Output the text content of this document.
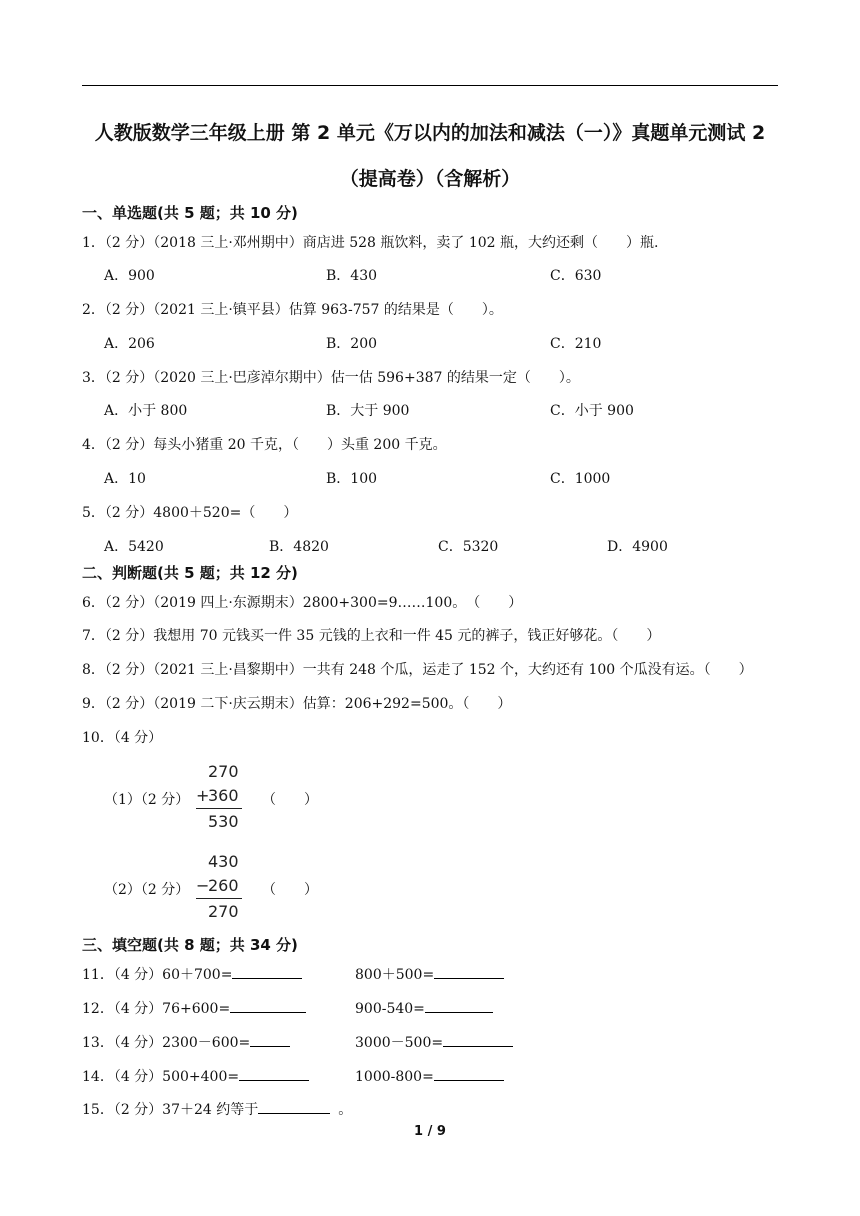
人教版数学三年级上册 第 2 单元《万以内的加法和减法（一）》真题单元测试 2
（提高卷）（含解析）
一、单选题(共 5 题；共 10 分)
1．（2 分）（2018 三上·邓州期中）商店进 528 瓶饮料，卖了 102 瓶，大约还剩（　　）瓶.
A．900	B．430	C．630
2．（2 分）（2021 三上·镇平县）估算 963-757 的结果是（　　）。
A．206	B．200	C．210
3．（2 分）（2020 三上·巴彦淖尔期中）估一估 596+387 的结果一定（　　）。
A．小于 800	B．大于 900	C．小于 900
4．（2 分）每头小猪重 20 千克，（　　）头重 200 千克。
A．10	B．100	C．1000
5．（2 分）4800＋520=（　　）
A．5420	B．4820	C．5320	D．4900
二、判断题(共 5 题；共 12 分)
6．（2 分）（2019 四上·东源期末）2800+300=9……100。　（　　）
7．（2 分）我想用 70 元钱买一件 35 元钱的上衣和一件 45 元的裤子，钱正好够花。（　　）
8．（2 分）（2021 三上·昌黎期中）一共有 248 个瓜，运走了 152 个，大约还有 100 个瓜没有运。（　　）
9．（2 分）（2019 二下·庆云期末）估算：206+292=500。（　　）
10．（4 分）
（1）（2 分）
270
+
360
530
（　　）
（2）（2 分）
430
−
260
270
（　　）
三、填空题(共 8 题；共 34 分)
11．（4 分）60＋700=	800＋500=
12．（4 分）76+600=	900-540=
13．（4 分）2300－600=	3000－500=
14．（4 分）500+400=	1000-800=
15．（2 分）37＋24 约等于	。
1 / 9
